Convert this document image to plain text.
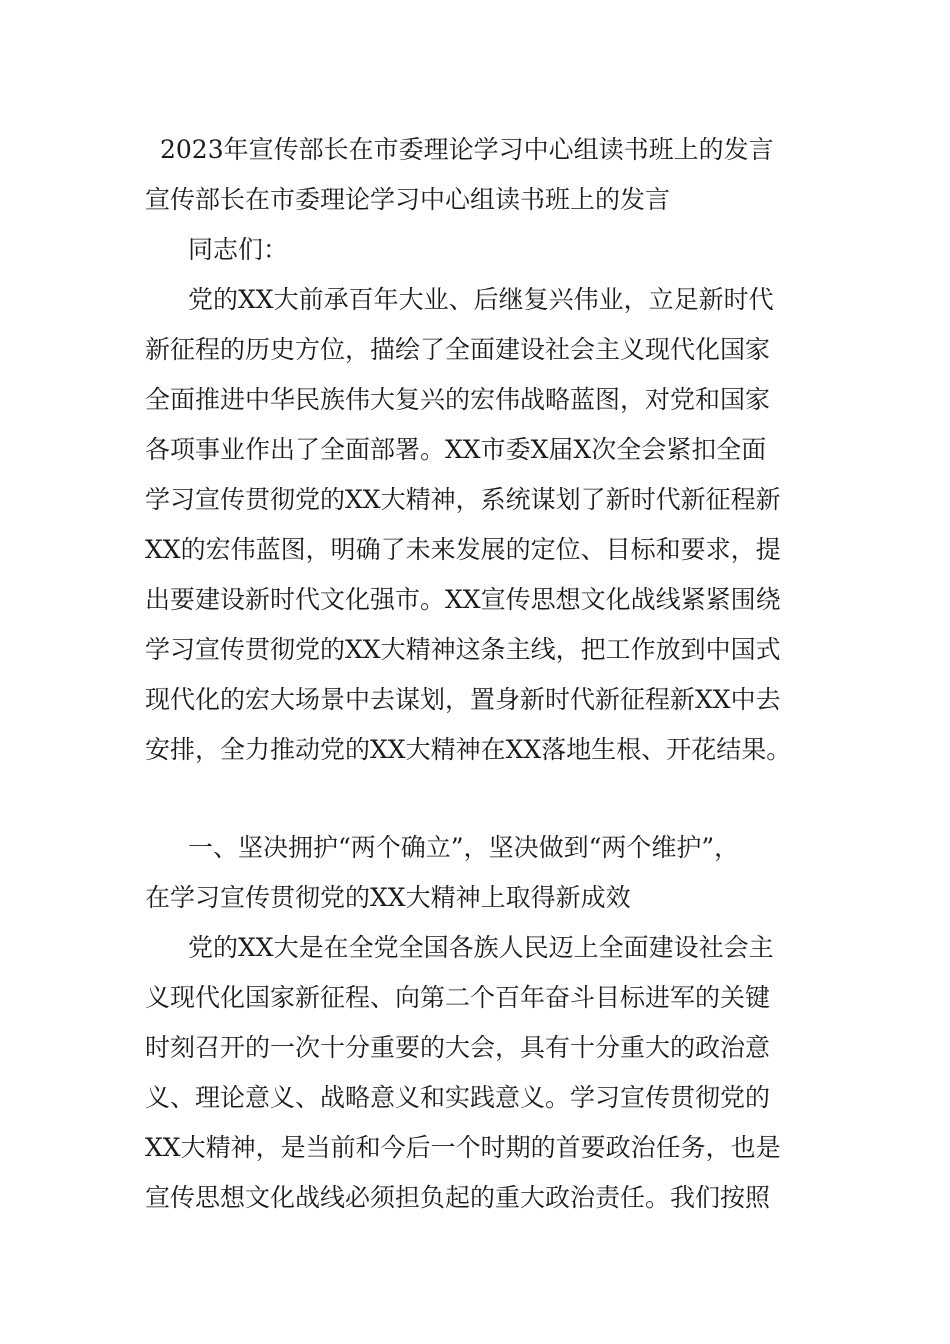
2023年宣传部长在市委理论学习中心组读书班上的发言
宣传部长在市委理论学习中心组读书班上的发言
同志们：
党的XX大前承百年大业、后继复兴伟业，立足新时代
新征程的历史方位，描绘了全面建设社会主义现代化国家
全面推进中华民族伟大复兴的宏伟战略蓝图，对党和国家
各项事业作出了全面部署。XX市委X届X次全会紧扣全面
学习宣传贯彻党的XX大精神，系统谋划了新时代新征程新
XX的宏伟蓝图，明确了未来发展的定位、目标和要求，提
出要建设新时代文化强市。XX宣传思想文化战线紧紧围绕
学习宣传贯彻党的XX大精神这条主线，把工作放到中国式
现代化的宏大场景中去谋划，置身新时代新征程新XX中去
安排，全力推动党的XX大精神在XX落地生根、开花结果。
一、坚决拥护“两个确立”，坚决做到“两个维护”，
在学习宣传贯彻党的XX大精神上取得新成效
党的XX大是在全党全国各族人民迈上全面建设社会主
义现代化国家新征程、向第二个百年奋斗目标进军的关键
时刻召开的一次十分重要的大会，具有十分重大的政治意
义、理论意义、战略意义和实践意义。学习宣传贯彻党的
XX大精神，是当前和今后一个时期的首要政治任务，也是
宣传思想文化战线必须担负起的重大政治责任。我们按照
